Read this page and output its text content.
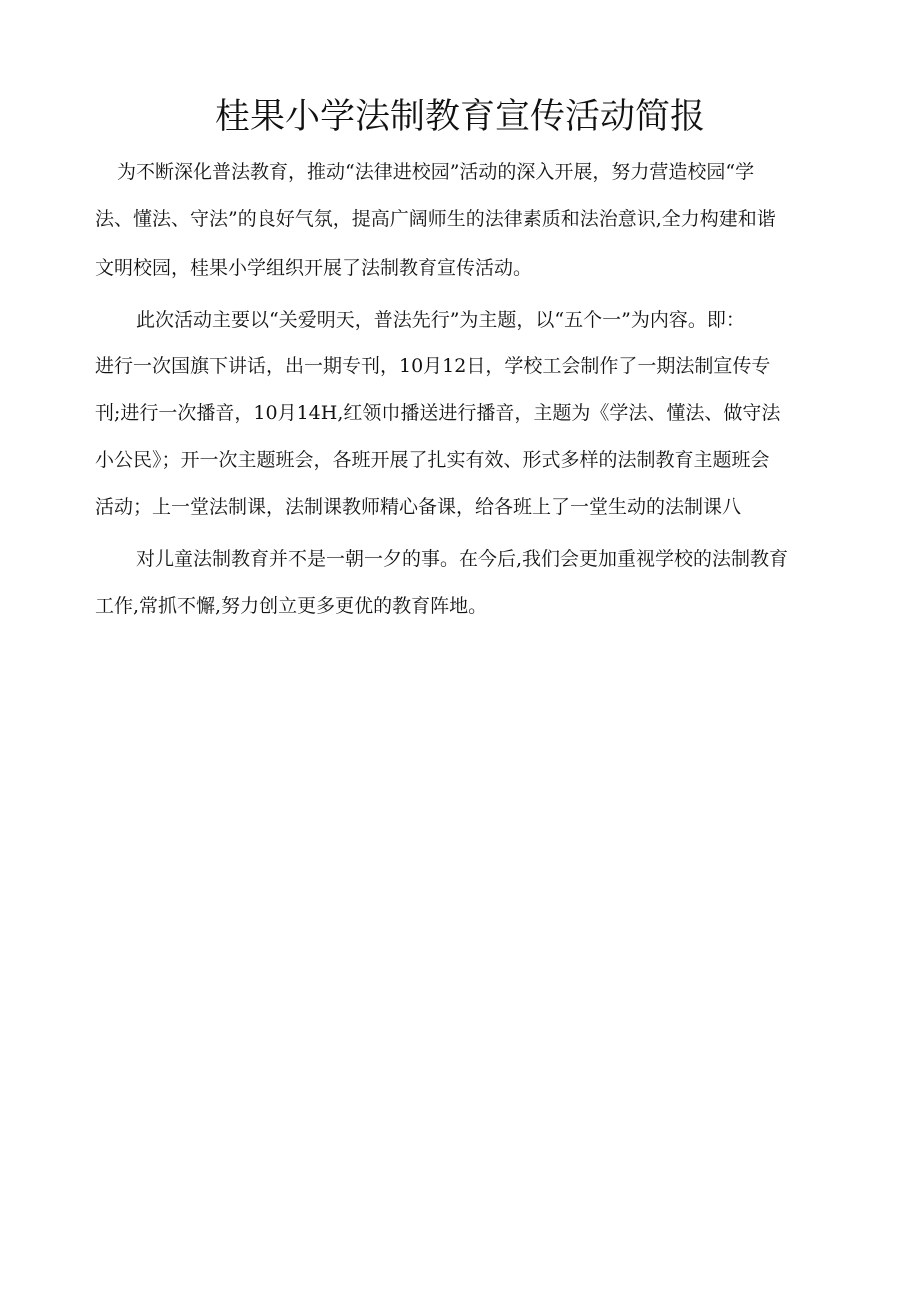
桂果小学法制教育宣传活动简报

为不断深化普法教育，推动“法律进校园”活动的深入开展，努力营造校园“学

法、懂法、守法”的良好气氛，提高广阔师生的法律素质和法治意识,全力构建和谐

文明校园，桂果小学组织开展了法制教育宣传活动。

此次活动主要以“关爱明天，普法先行”为主题，以“五个一”为内容。即：

进行一次国旗下讲话，出一期专刊，10月12日，学校工会制作了一期法制宣传专

刊;进行一次播音，10月14H,红领巾播送进行播音，主题为《学法、懂法、做守法

小公民》；开一次主题班会，各班开展了扎实有效、形式多样的法制教育主题班会

活动；上一堂法制课，法制课教师精心备课，给各班上了一堂生动的法制课八

对儿童法制教育并不是一朝一夕的事。在今后,我们会更加重视学校的法制教育

工作,常抓不懈,努力创立更多更优的教育阵地。
